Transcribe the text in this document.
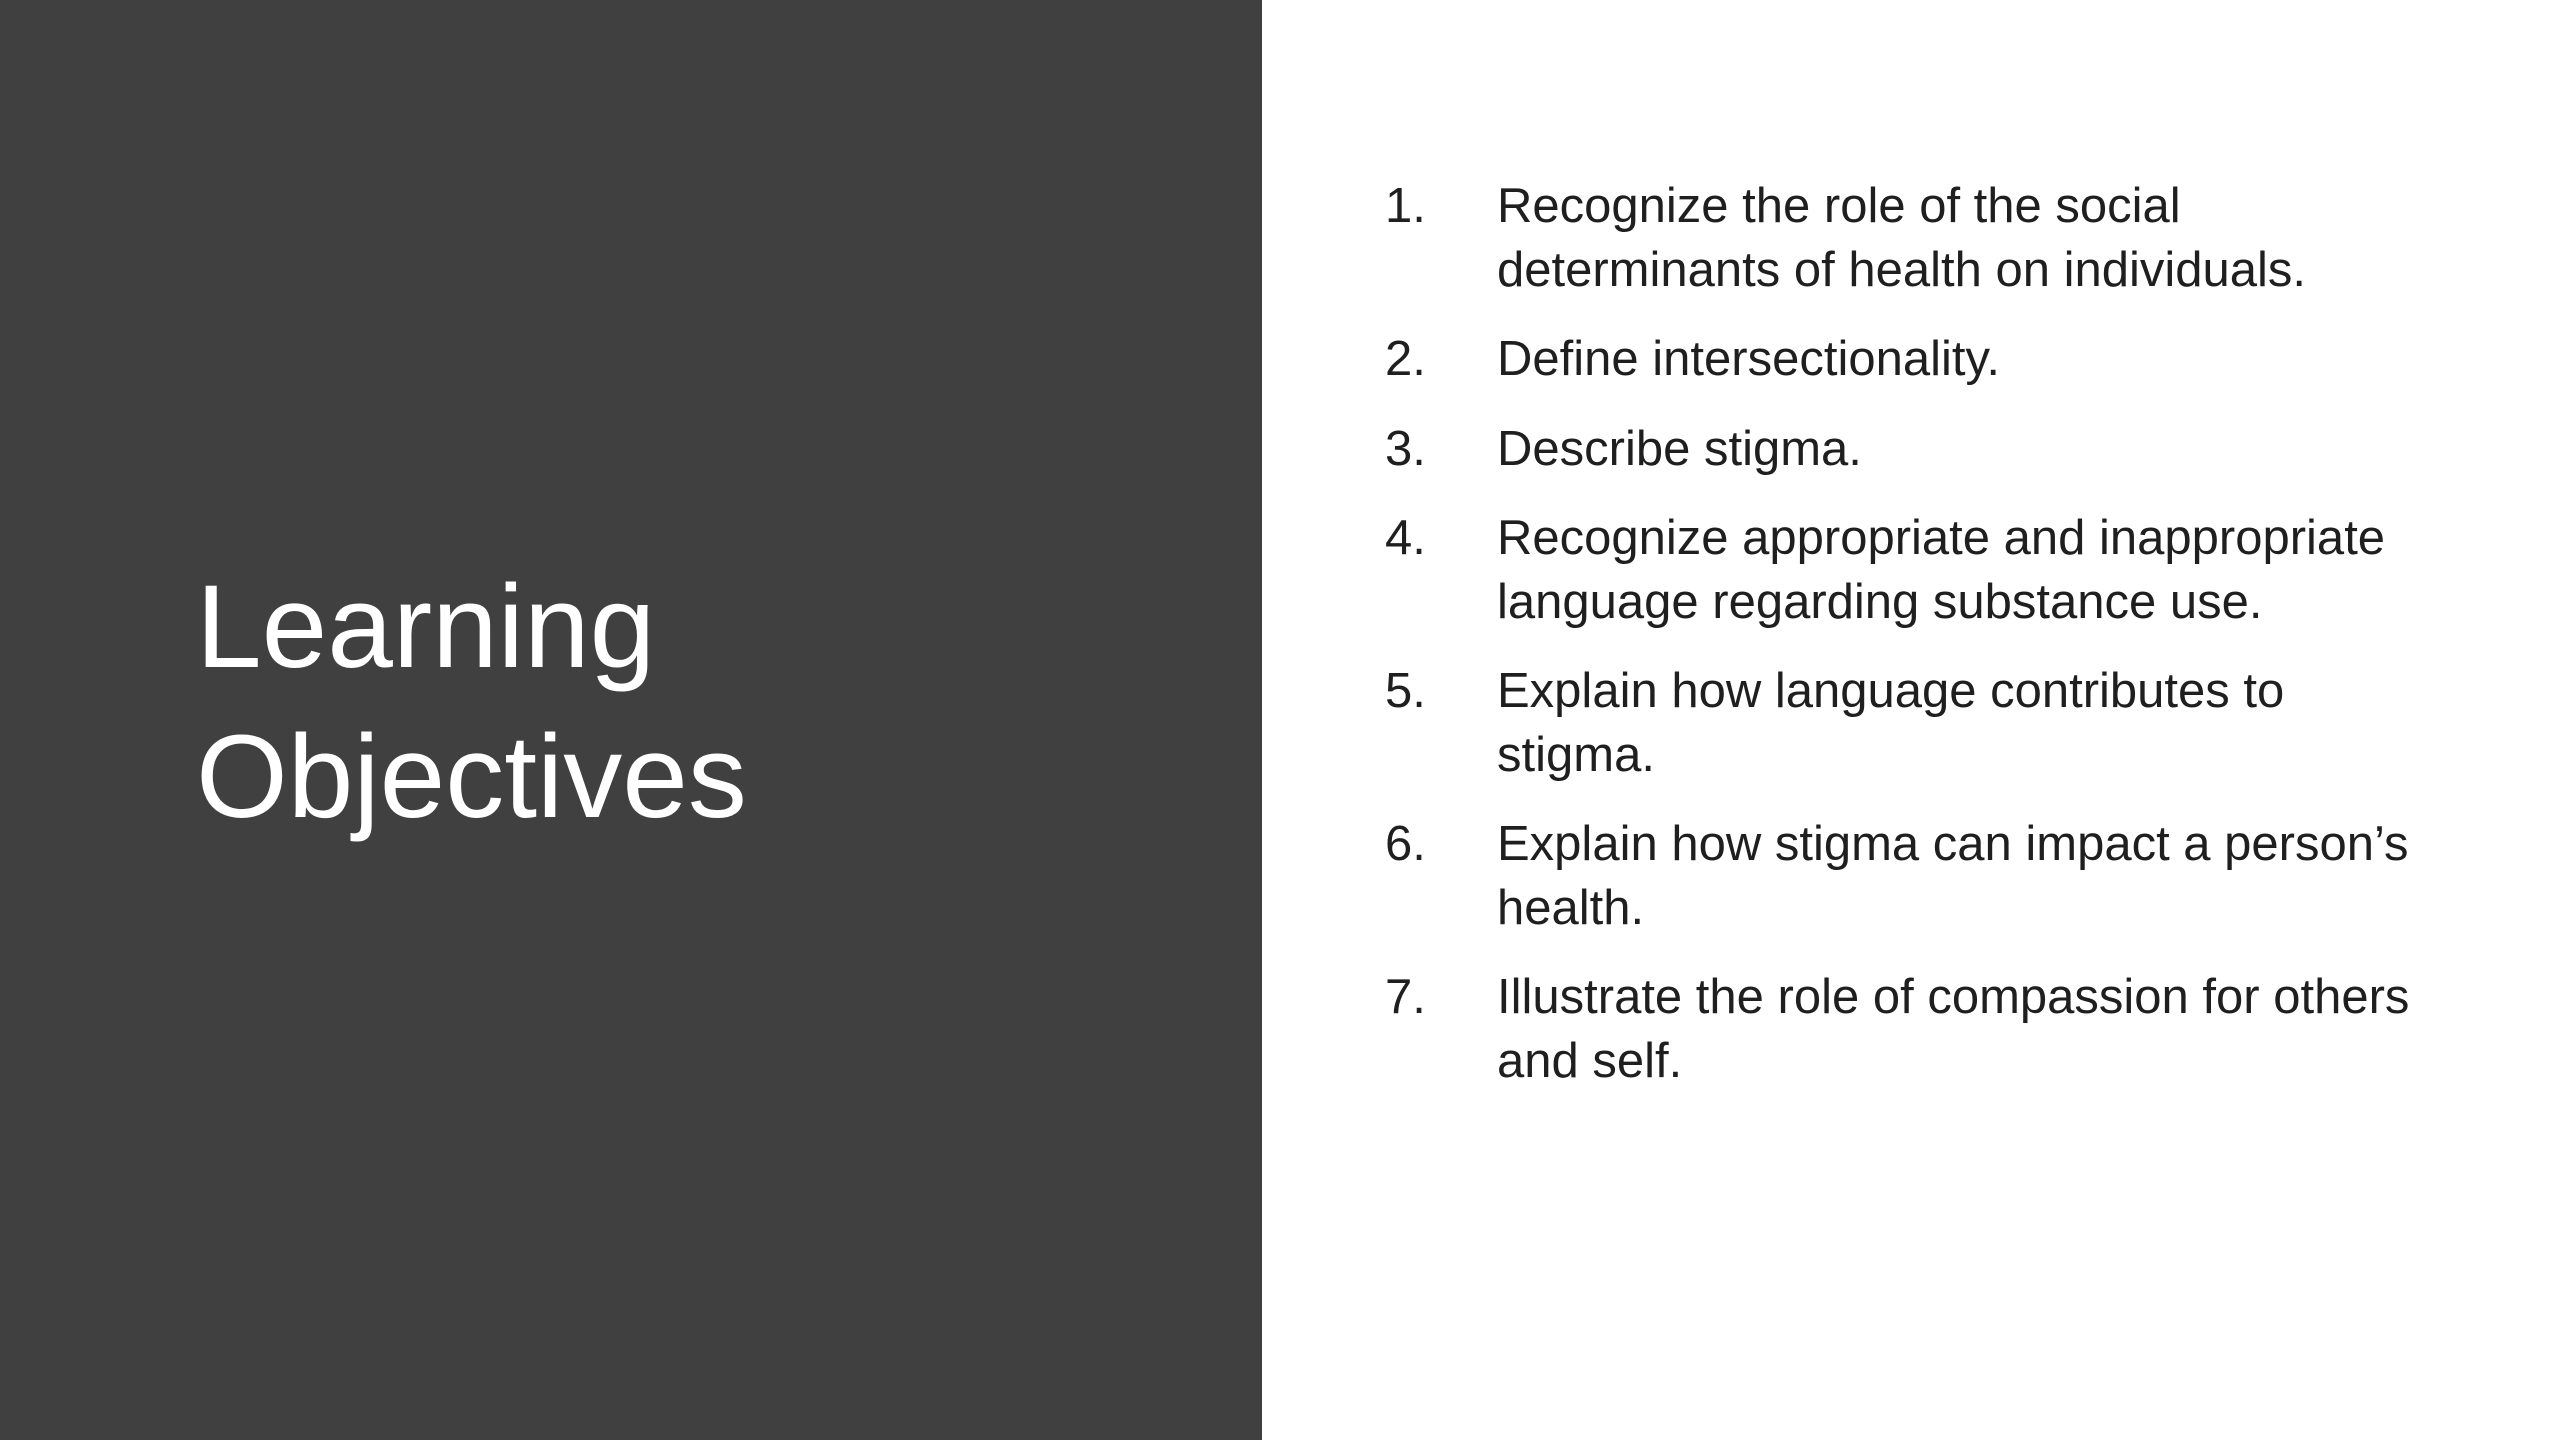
Learning
Objectives
1.	Recognize the role of the social determinants of health on individuals.
2.	Define intersectionality.
3.	Describe stigma.
4.	Recognize appropriate and inappropriate language regarding substance use.
5.	Explain how language contributes to stigma.
6.	Explain how stigma can impact a person’s health.
7.	Illustrate the role of compassion for others and self.
